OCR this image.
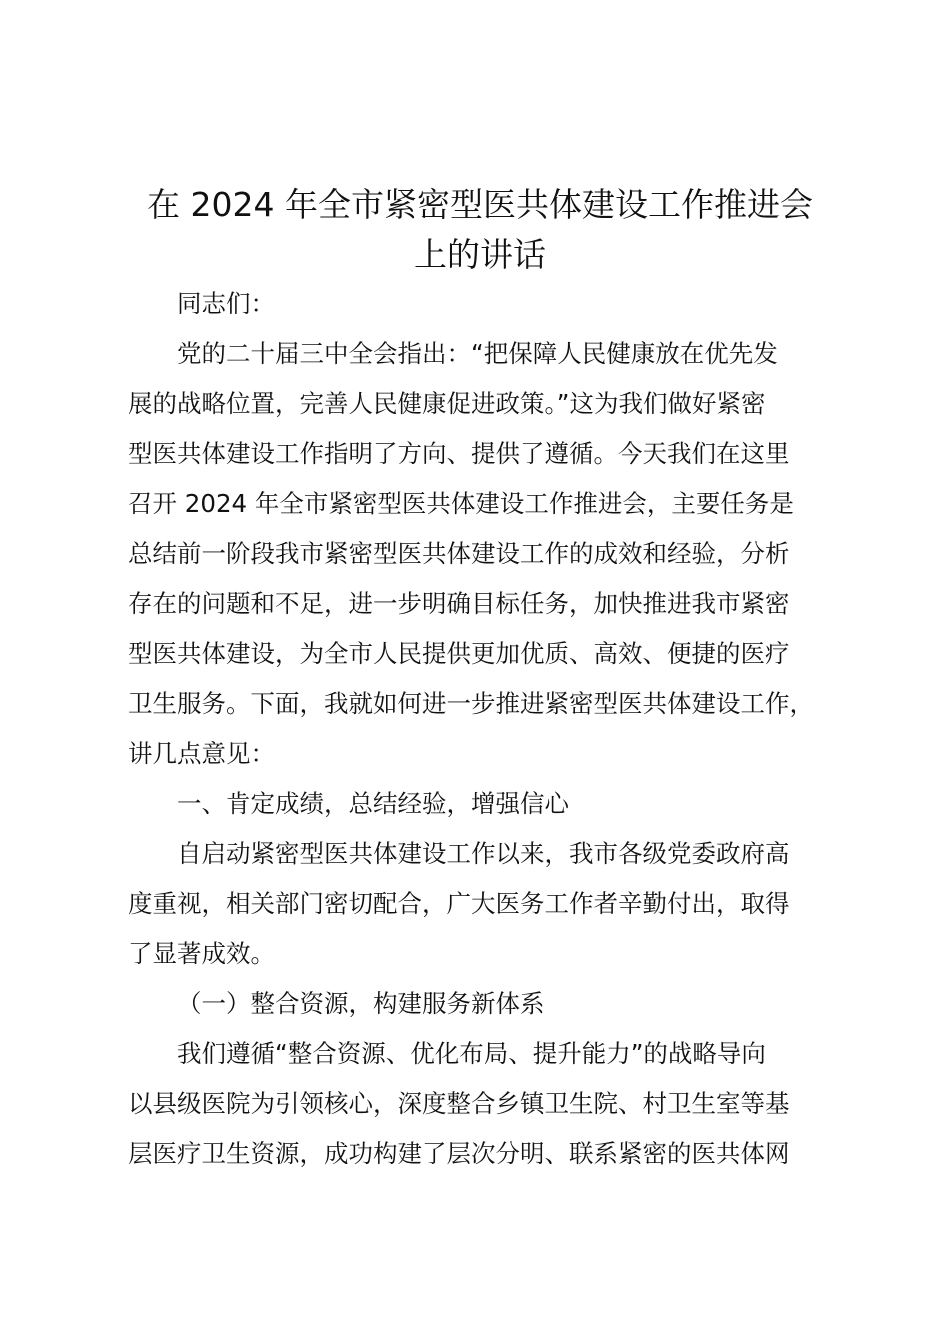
在 2024 年全市紧密型医共体建设工作推进会
上的讲话
同志们：
党的二十届三中全会指出：“把保障人民健康放在优先发
展的战略位置，完善人民健康促进政策。”这为我们做好紧密
型医共体建设工作指明了方向、提供了遵循。今天我们在这里
召开 2024 年全市紧密型医共体建设工作推进会，主要任务是
总结前一阶段我市紧密型医共体建设工作的成效和经验，分析
存在的问题和不足，进一步明确目标任务，加快推进我市紧密
型医共体建设，为全市人民提供更加优质、高效、便捷的医疗
卫生服务。下面，我就如何进一步推进紧密型医共体建设工作，
讲几点意见：
一、肯定成绩，总结经验，增强信心
自启动紧密型医共体建设工作以来，我市各级党委政府高
度重视，相关部门密切配合，广大医务工作者辛勤付出，取得
了显著成效。
（一）整合资源，构建服务新体系
我们遵循“整合资源、优化布局、提升能力”的战略导向
以县级医院为引领核心，深度整合乡镇卫生院、村卫生室等基
层医疗卫生资源，成功构建了层次分明、联系紧密的医共体网
